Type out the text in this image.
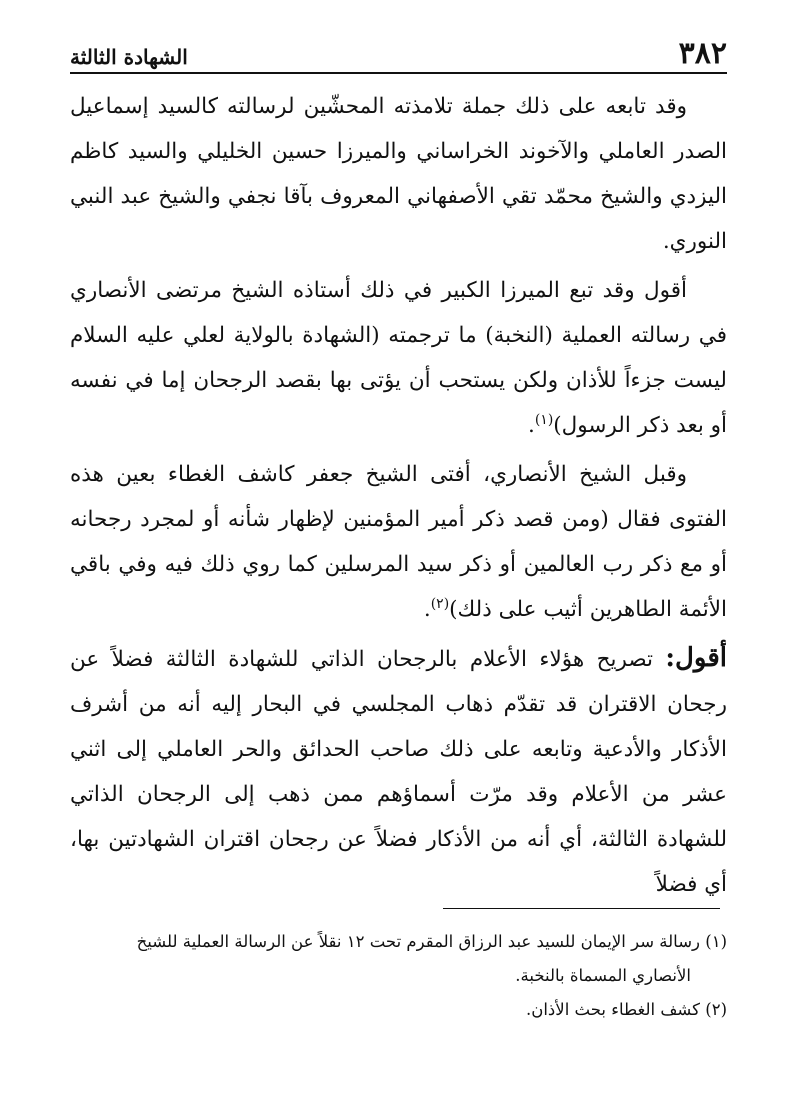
٣٨٢
الشهادة الثالثة

وقد تابعه على ذلك جملة تلامذته المحشّين لرسالته كالسيد إسماعيل الصدر العاملي والآخوند الخراساني والميرزا حسين الخليلي والسيد كاظم اليزدي والشيخ محمّد تقي الأصفهاني المعروف بآقا نجفي والشيخ عبد النبي النوري.

أقول وقد تبع الميرزا الكبير في ذلك أستاذه الشيخ مرتضى الأنصاري في رسالته العملية (النخبة) ما ترجمته (الشهادة بالولاية لعلي عليه السلام ليست جزءاً للأذان ولكن يستحب أن يؤتى بها بقصد الرجحان إما في نفسه أو بعد ذكر الرسول)$^{(١)}$.

وقبل الشيخ الأنصاري، أفتى الشيخ جعفر كاشف الغطاء بعين هذه الفتوى فقال (ومن قصد ذكر أمير المؤمنين لإظهار شأنه أو لمجرد رجحانه أو مع ذكر رب العالمين أو ذكر سيد المرسلين كما روي ذلك فيه وفي باقي الأئمة الطاهرين أثيب على ذلك)$^{(٢)}$.

أقول: تصريح هؤلاء الأعلام بالرجحان الذاتي للشهادة الثالثة فضلاً عن رجحان الاقتران قد تقدّم ذهاب المجلسي في البحار إليه أنه من أشرف الأذكار والأدعية وتابعه على ذلك صاحب الحدائق والحر العاملي إلى اثني عشر من الأعلام وقد مرّت أسماؤهم ممن ذهب إلى الرجحان الذاتي للشهادة الثالثة، أي أنه من الأذكار فضلاً عن رجحان اقتران الشهادتين بها، أي فضلاً

(١) رسالة سر الإيمان للسيد عبد الرزاق المقرم تحت ١٢ نقلاً عن الرسالة العملية للشيخ
الأنصاري المسماة بالنخبة.

(٢) كشف الغطاء بحث الأذان.
